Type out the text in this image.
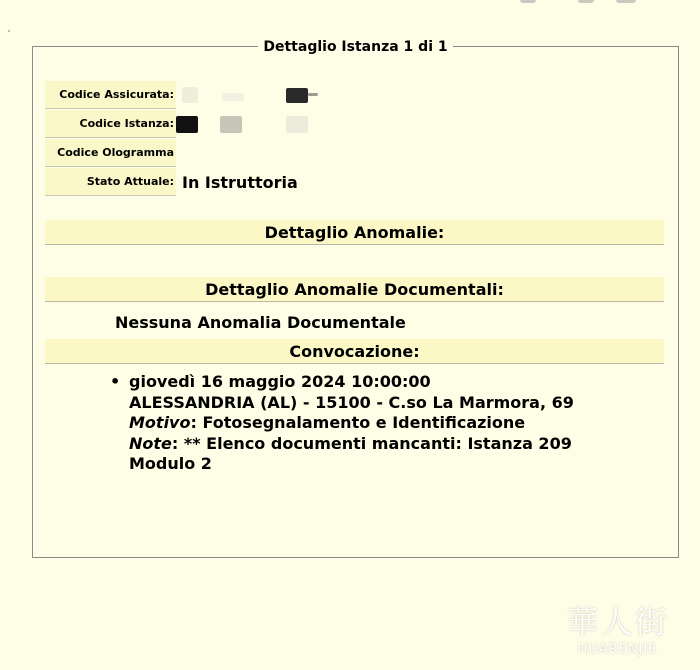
Dettaglio Istanza 1 di 1
Codice Assicurata:
Codice Istanza:
Codice Ologramma
Stato Attuale: In Istruttoria
Dettaglio Anomalie:
Dettaglio Anomalie Documentali:
Nessuna Anomalia Documentale
Convocazione:
• giovedì 16 maggio 2024 10:00:00
ALESSANDRIA (AL) - 15100 - C.so La Marmora, 69
Motivo: Fotosegnalamento e Identificazione
Note: ** Elenco documenti mancanti: Istanza 209 Modulo 2
華人街
HUARENJIE
